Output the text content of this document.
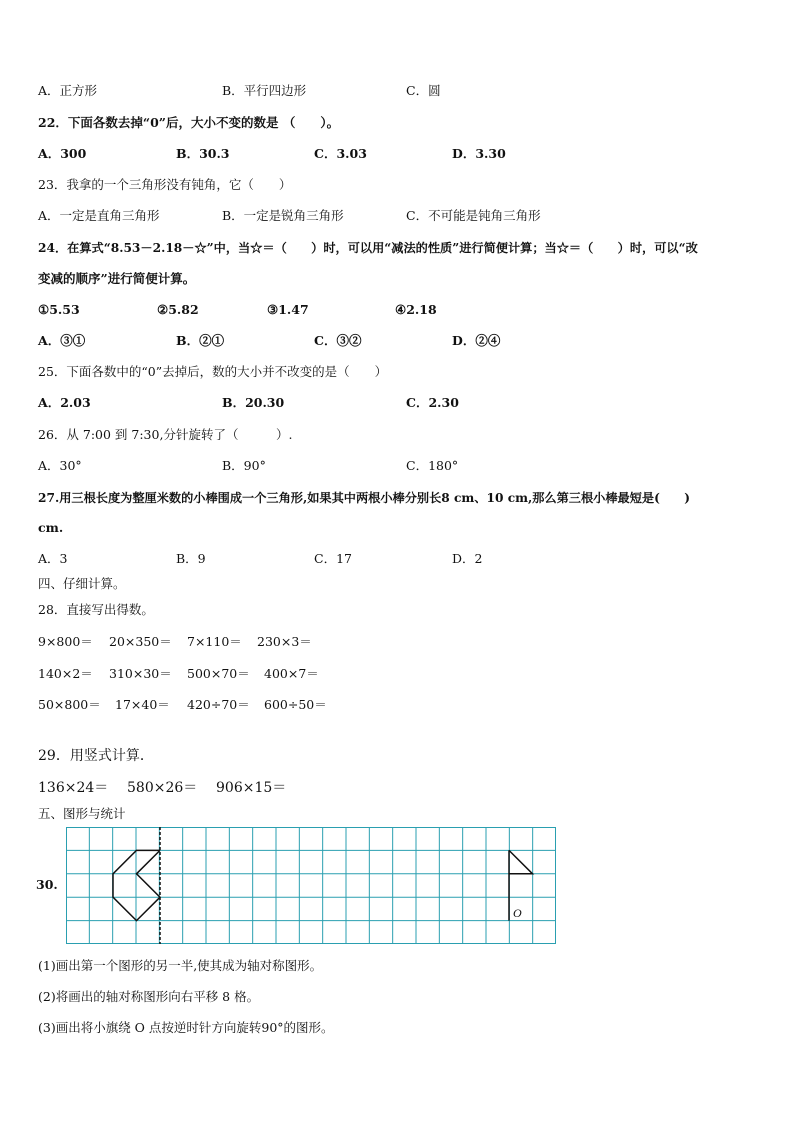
A．正方形	B．平行四边形	C．圆
22．下面各数去掉“0”后，大小不变的数是 （　　）。
A．300	B．30.3	C．3.03	D．3.30
23．我拿的一个三角形没有钝角，它（　　）
A．一定是直角三角形	B．一定是锐角三角形	C．不可能是钝角三角形
24．在算式“8.53－2.18－☆”中，当☆＝（　　）时，可以用“减法的性质”进行简便计算；当☆＝（　　）时，可以“改
变减的顺序”进行简便计算。
①5.53	②5.82	③1.47	④2.18
A．③①	B．②①	C．③②	D．②④
25．下面各数中的“0”去掉后，数的大小并不改变的是（　　）
A．2.03	B．20.30	C．2.30
26．从 7:00 到 7:30,分针旋转了（　　　）.
A．30°	B．90°	C．180°
27.用三根长度为整厘米数的小棒围成一个三角形,如果其中两根小棒分别长8 cm、10 cm,那么第三根小棒最短是(　　)
cm.
A．3	B．9	C．17	D．2
四、仔细计算。
28．直接写出得数。
9×800＝ 20×350＝ 7×110＝ 230×3＝
140×2＝ 310×30＝ 500×70＝ 400×7＝
50×800＝ 17×40＝ 420÷70＝ 600÷50＝
29．用竖式计算．
136×24＝ 580×26＝ 906×15＝
五、图形与统计
30.
O
(1)画出第一个图形的另一半,使其成为轴对称图形。
(2)将画出的轴对称图形向右平移 8 格。
(3)画出将小旗绕 O 点按逆时针方向旋转90°的图形。
